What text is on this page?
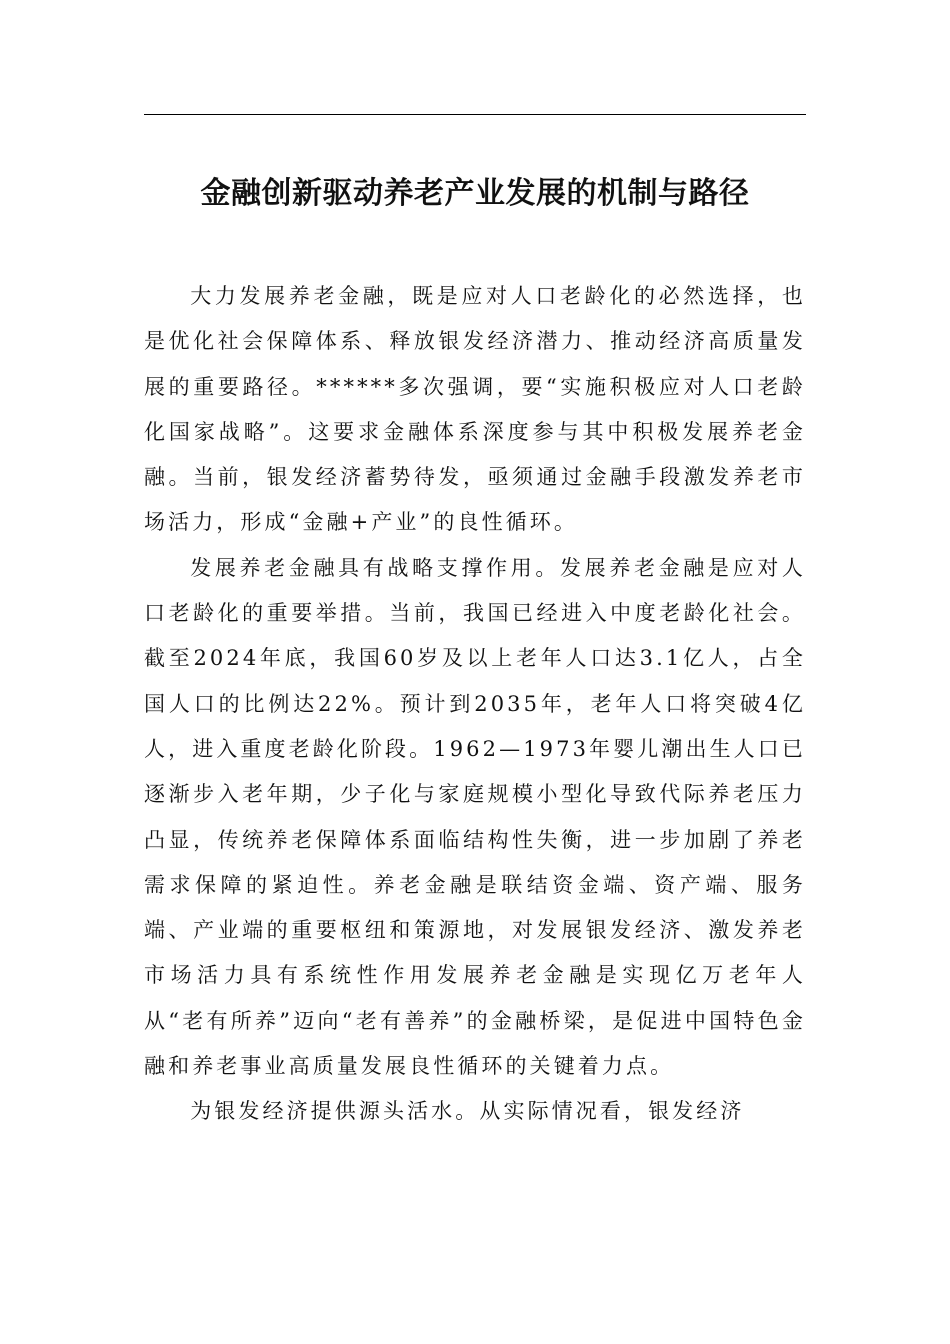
金融创新驱动养老产业发展的机制与路径

大力发展养老金融，既是应对人口老龄化的必然选择，也是优化社会保障体系、释放银发经济潜力、推动经济高质量发展的重要路径。******多次强调，要“实施积极应对人口老龄化国家战略”。这要求金融体系深度参与其中积极发展养老金融。当前，银发经济蓄势待发，亟须通过金融手段激发养老市场活力，形成“金融+产业”的良性循环。

发展养老金融具有战略支撑作用。发展养老金融是应对人口老龄化的重要举措。当前，我国已经进入中度老龄化社会。截至2024年底，我国60岁及以上老年人口达3.1亿人，占全国人口的比例达22%。预计到2035年，老年人口将突破4亿人，进入重度老龄化阶段。1962—1973年婴儿潮出生人口已逐渐步入老年期，少子化与家庭规模小型化导致代际养老压力凸显，传统养老保障体系面临结构性失衡，进一步加剧了养老需求保障的紧迫性。养老金融是联结资金端、资产端、服务端、产业端的重要枢纽和策源地，对发展银发经济、激发养老市场活力具有系统性作用发展养老金融是实现亿万老年人从“老有所养”迈向“老有善养”的金融桥梁，是促进中国特色金融和养老事业高质量发展良性循环的关键着力点。

为银发经济提供源头活水。从实际情况看，银发经济
